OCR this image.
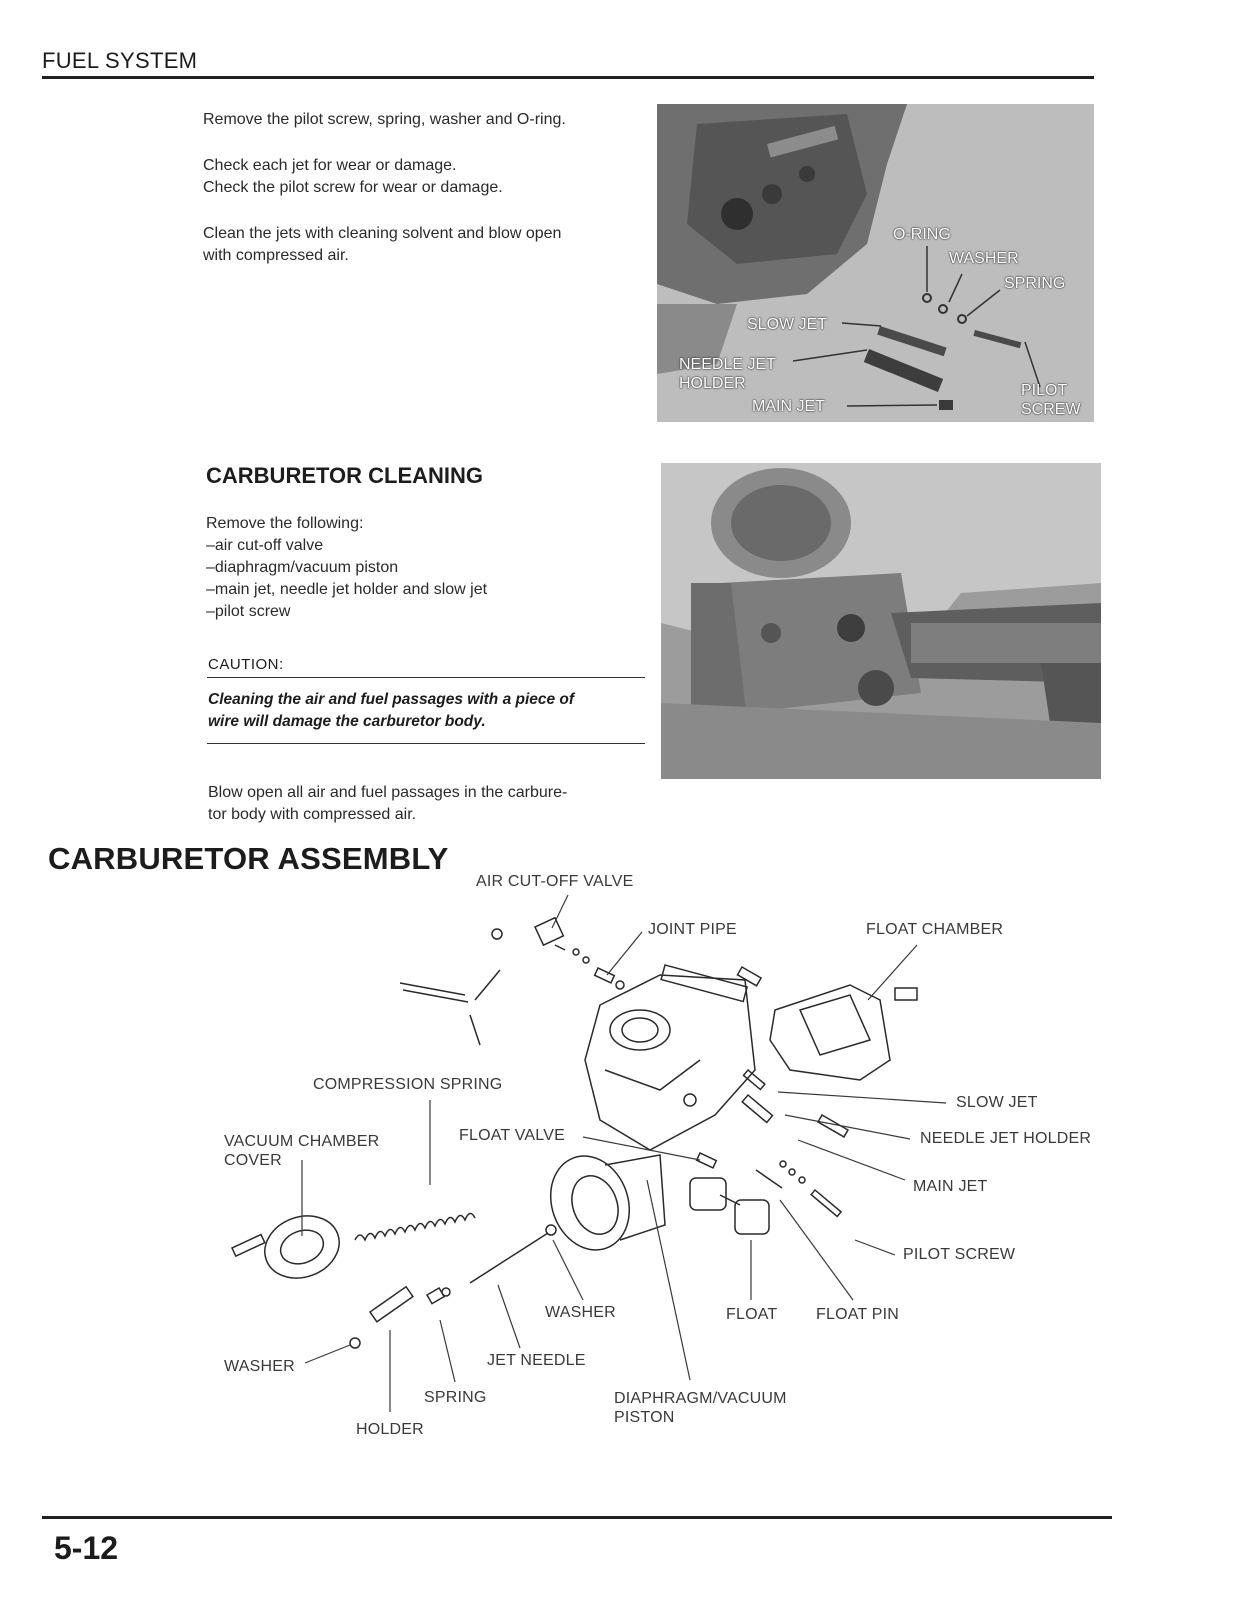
FUEL SYSTEM
Remove the pilot screw, spring, washer and O-ring.
Check each jet for wear or damage.
Check the pilot screw for wear or damage.
Clean the jets with cleaning solvent and blow open
with compressed air.
O-RING
WASHER
SPRING
SLOW JET
NEEDLE JET
HOLDER
MAIN JET
PILOT
SCREW
CARBURETOR CLEANING
Remove the following:
–air cut-off valve
–diaphragm/vacuum piston
–main jet, needle jet holder and slow jet
–pilot screw
CAUTION:
Cleaning the air and fuel passages with a piece of
wire will damage the carburetor body.
Blow open all air and fuel passages in the carbure-
tor body with compressed air.
CARBURETOR ASSEMBLY
AIR CUT-OFF VALVE
JOINT PIPE	FLOAT CHAMBER
COMPRESSION SPRING
SLOW JET
VACUUM CHAMBER
COVER
FLOAT VALVE	NEEDLE JET HOLDER
MAIN JET
PILOT SCREW
WASHER	FLOAT FLOAT PIN
WASHER	JET NEEDLE
SPRING	DIAPHRAGM/VACUUM
PISTON
HOLDER
5-12
